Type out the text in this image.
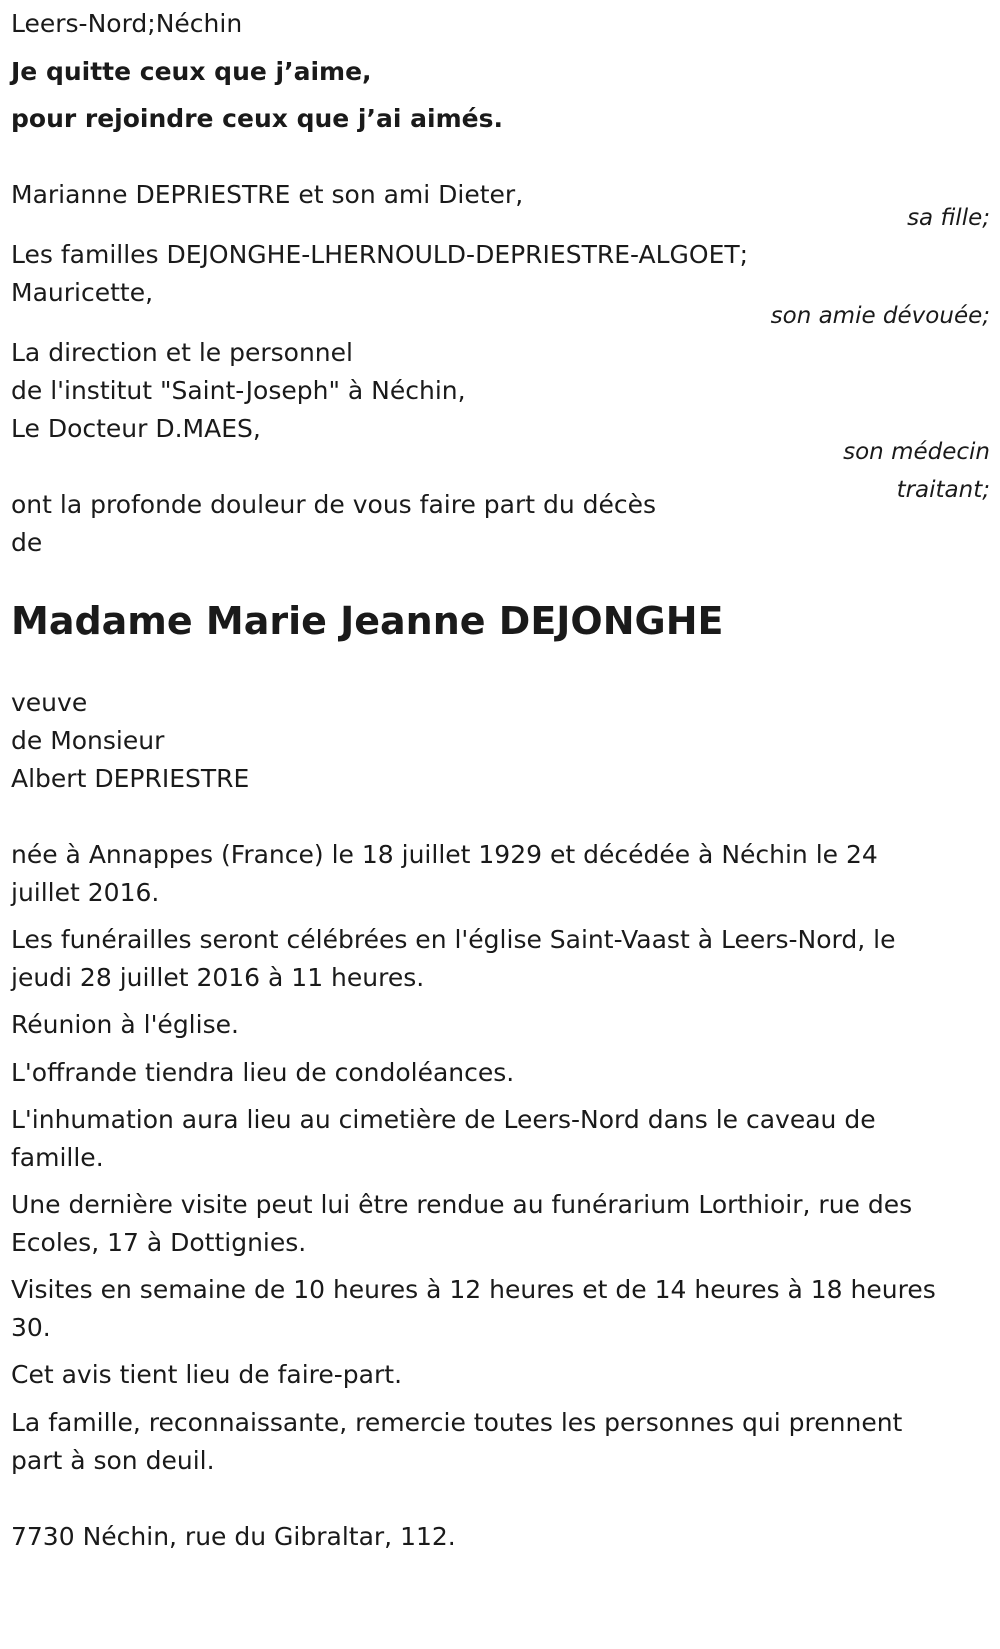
Leers-Nord;Néchin

Je quitte ceux que j’aime,

pour rejoindre ceux que j’ai aimés.

Marianne DEPRIESTRE et son ami Dieter,

sa fille;

Les familles DEJONGHE-LHERNOULD-DEPRIESTRE-ALGOET;

Mauricette,

son amie dévouée;

La direction et le personnel

de l'institut "Saint-Joseph" à Néchin,

Le Docteur D.MAES,

son médecin

traitant;

ont la profonde douleur de vous faire part du décès

de

Madame Marie Jeanne DEJONGHE

veuve

de Monsieur

Albert DEPRIESTRE

née à Annappes (France) le 18 juillet 1929 et décédée à Néchin le 24

juillet 2016.

Les funérailles seront célébrées en l'église Saint-Vaast à Leers-Nord, le

jeudi 28 juillet 2016 à 11 heures.

Réunion à l'église.

L'offrande tiendra lieu de condoléances.

L'inhumation aura lieu au cimetière de Leers-Nord dans le caveau de

famille.

Une dernière visite peut lui être rendue au funérarium Lorthioir, rue des

Ecoles, 17 à Dottignies.

Visites en semaine de 10 heures à 12 heures et de 14 heures à 18 heures

30.

Cet avis tient lieu de faire-part.

La famille, reconnaissante, remercie toutes les personnes qui prennent

part à son deuil.

7730 Néchin, rue du Gibraltar, 112.
